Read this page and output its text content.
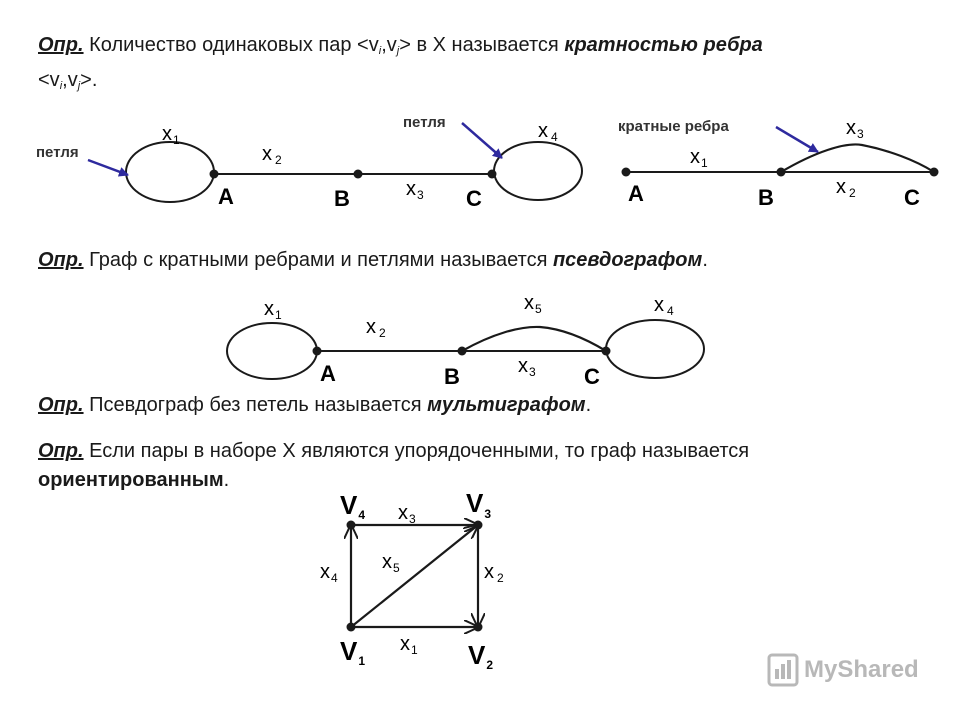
Опр. Количество одинаковых пар $<v_i,v_j> в$ X называется кратностью ребра
$<v_i,v_j>$.
Опр. Граф с кратными ребрами и петлями называется псевдографом.
Опр. Псевдограф без петель называется мультиграфом.
Опр. Если пары в наборе X являются упорядоченными, то граф называется
ориентированным.
$x_1$
x $_2$
$x_3$
x $_4$
A	B	C
петля
петля
$x_1$
x $_2$
$x_3$
A	B	C
кратные ребра
$x_1$
x $_2$
$x_3$
x $_4$
$x_5$
A	B	C
V4	$V_3$
V1	V2
$x_3$
x $_2$
$x_1$
$x_4$
$x_5$
MyShared
